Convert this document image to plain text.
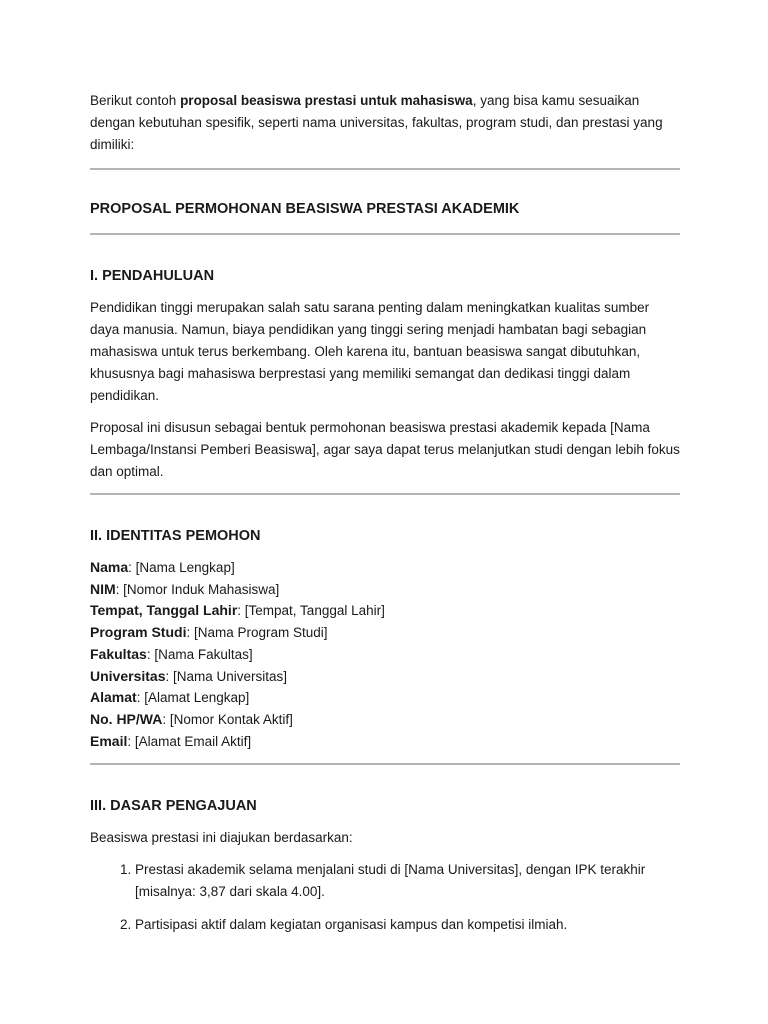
Berikut contoh proposal beasiswa prestasi untuk mahasiswa, yang bisa kamu sesuaikan dengan kebutuhan spesifik, seperti nama universitas, fakultas, program studi, dan prestasi yang dimiliki:

PROPOSAL PERMOHONAN BEASISWA PRESTASI AKADEMIK
I. PENDAHULUAN

Pendidikan tinggi merupakan salah satu sarana penting dalam meningkatkan kualitas sumber daya manusia. Namun, biaya pendidikan yang tinggi sering menjadi hambatan bagi sebagian mahasiswa untuk terus berkembang. Oleh karena itu, bantuan beasiswa sangat dibutuhkan, khususnya bagi mahasiswa berprestasi yang memiliki semangat dan dedikasi tinggi dalam pendidikan.

Proposal ini disusun sebagai bentuk permohonan beasiswa prestasi akademik kepada [Nama Lembaga/Instansi Pemberi Beasiswa], agar saya dapat terus melanjutkan studi dengan lebih fokus dan optimal.

II. IDENTITAS PEMOHON

Nama: [Nama Lengkap]

NIM: [Nomor Induk Mahasiswa]

Tempat, Tanggal Lahir: [Tempat, Tanggal Lahir]

Program Studi: [Nama Program Studi]

Fakultas: [Nama Fakultas]

Universitas: [Nama Universitas]

Alamat: [Alamat Lengkap]

No. HP/WA: [Nomor Kontak Aktif]

Email: [Alamat Email Aktif]

III. DASAR PENGAJUAN

Beasiswa prestasi ini diajukan berdasarkan:

1. Prestasi akademik selama menjalani studi di [Nama Universitas], dengan IPK terakhir [misalnya: 3,87 dari skala 4.00].
2. Partisipasi aktif dalam kegiatan organisasi kampus dan kompetisi ilmiah.
